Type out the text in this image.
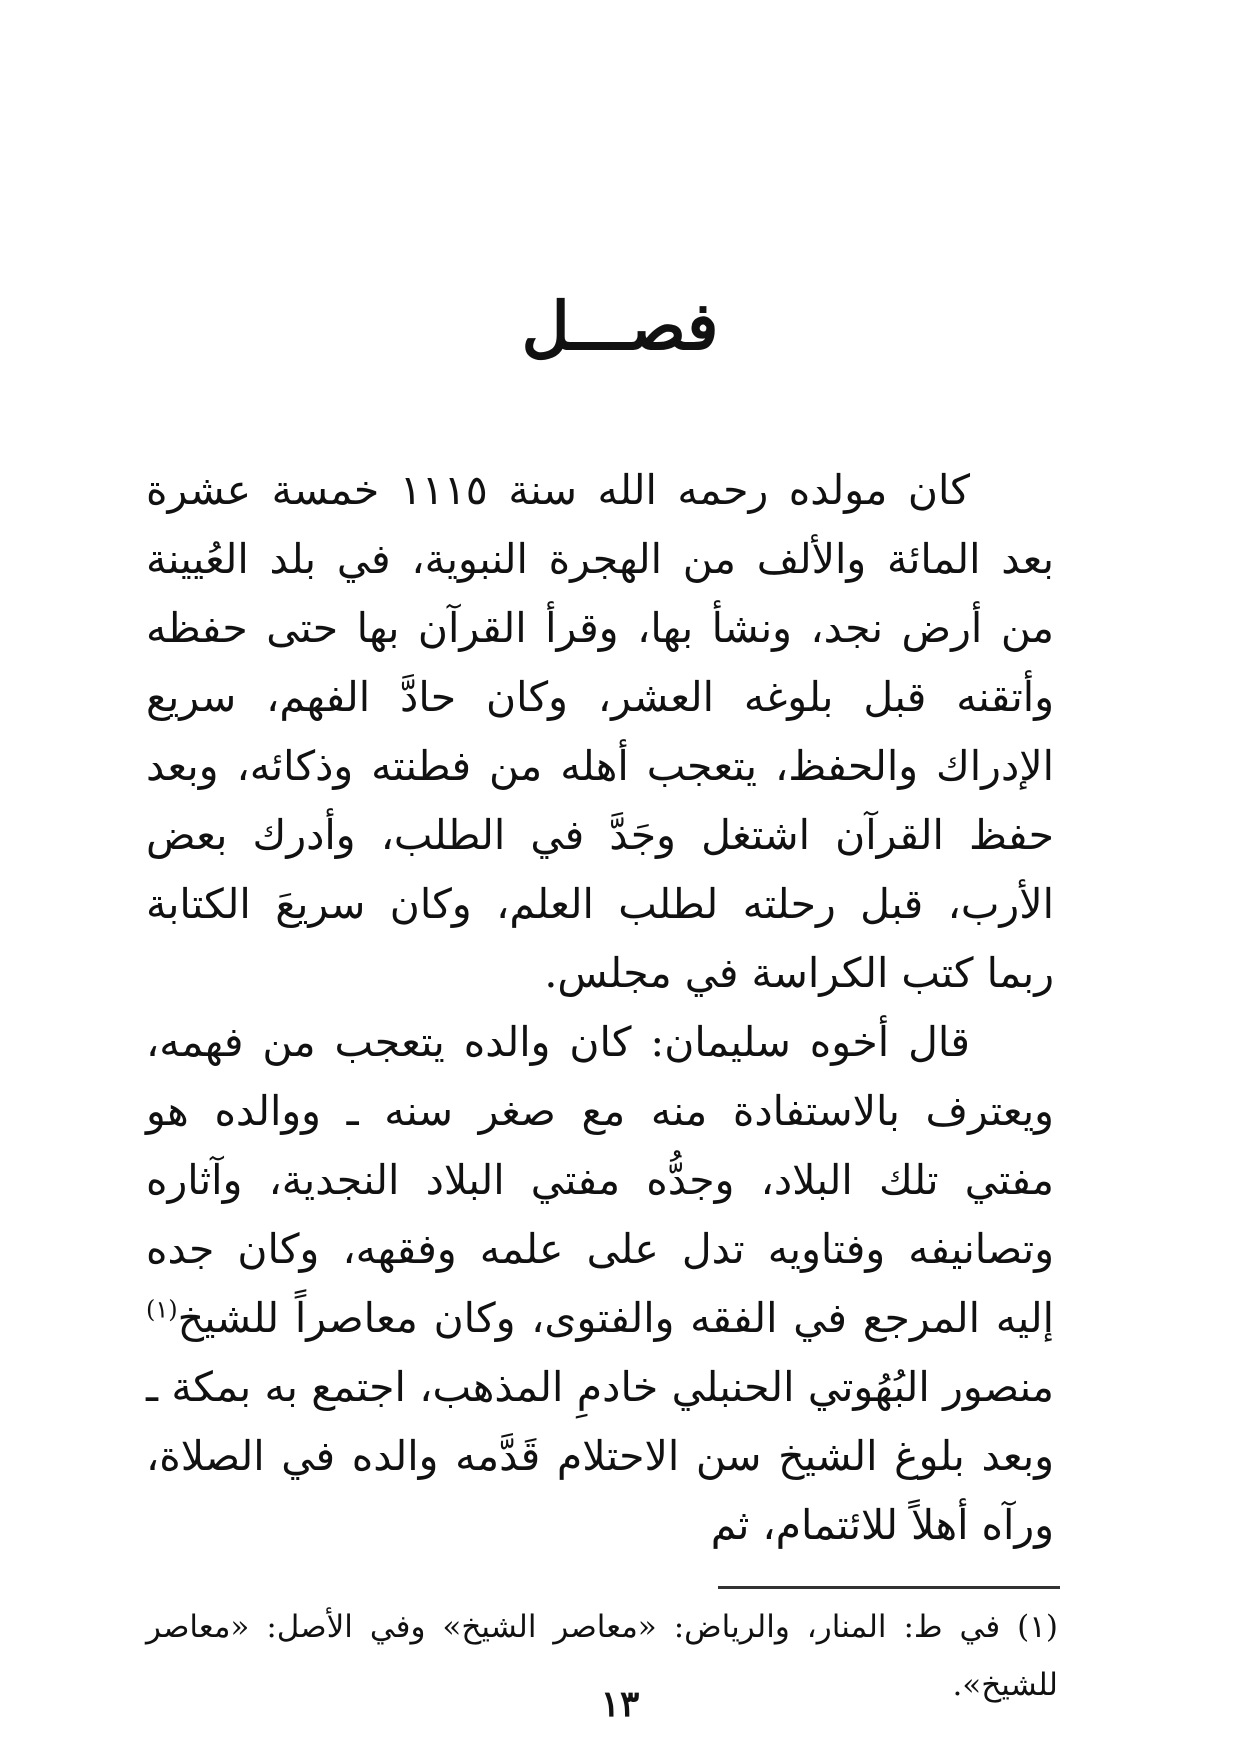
فصـــل

كان مولده رحمه الله سنة ١١١٥ خمسة عشرة بعد المائة والألف من الهجرة النبوية، في بلد العُيينة من أرض نجد، ونشأ بها، وقرأ القرآن بها حتى حفظه وأتقنه قبل بلوغه العشر، وكان حادَّ الفهم، سريع الإدراك والحفظ، يتعجب أهله من فطنته وذكائه، وبعد حفظ القرآن اشتغل وجَدَّ في الطلب، وأدرك بعض الأرب، قبل رحلته لطلب العلم، وكان سريعَ الكتابة ربما كتب الكراسة في مجلس.

قال أخوه سليمان: كان والده يتعجب من فهمه، ويعترف بالاستفادة منه مع صغر سنه ـ ووالده هو مفتي تلك البلاد، وجدُّه مفتي البلاد النجدية، وآثاره وتصانيفه وفتاويه تدل على علمه وفقهه، وكان جده إليه المرجع في الفقه والفتوى، وكان معاصراً للشيخ$^{(١)}$ منصور البُهُوتي الحنبلي خادمِ المذهب، اجتمع به بمكة ـ وبعد بلوغ الشيخ سن الاحتلام قَدَّمه والده في الصلاة، ورآه أهلاً للائتمام، ثم

(١) في ط: المنار، والرياض: «معاصر الشيخ» وفي الأصل: «معاصر للشيخ».

١٣
